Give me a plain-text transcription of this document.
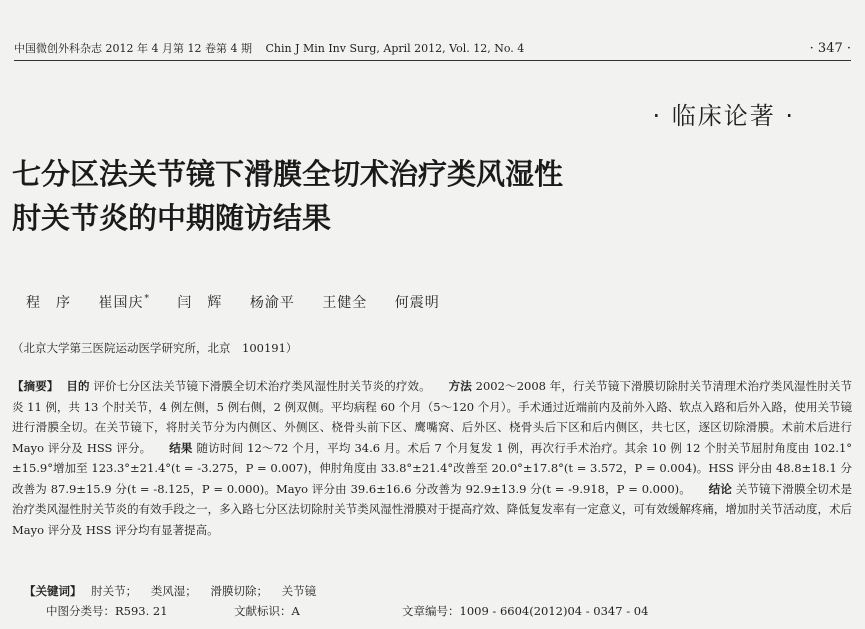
中国微创外科杂志 2012 年 4 月第 12 卷第 4 期 Chin J Min Inv Surg, April 2012, Vol. 12, No. 4	· 347 ·
· 临床论著 ·
七分区法关节镜下滑膜全切术治疗类风湿性
肘关节炎的中期随访结果
程　序 崔国庆* 闫　辉 杨渝平 王健全 何震明
（北京大学第三医院运动医学研究所，北京　100191）
【摘要】 目的 评价七分区法关节镜下滑膜全切术治疗类风湿性肘关节炎的疗效。 方法 2002～2008 年，行关节镜下滑膜切除肘关节清理术治疗类风湿性肘关节炎 11 例，共 13 个肘关节，4 例左侧，5 例右侧，2 例双侧。平均病程 60 个月（5～120 个月）。手术通过近端前内及前外入路、软点入路和后外入路，使用关节镜进行滑膜全切。在关节镜下，将肘关节分为内侧区、外侧区、桡骨头前下区、鹰嘴窝、后外区、桡骨头后下区和后内侧区，共七区，逐区切除滑膜。术前术后进行 Mayo 评分及 HSS 评分。 结果 随访时间 12～72 个月，平均 34.6 月。术后 7 个月复发 1 例，再次行手术治疗。其余 10 例 12 个肘关节屈肘角度由 102.1°±15.9°增加至 123.3°±21.4°(t = -3.275，P = 0.007)，伸肘角度由 33.8°±21.4°改善至 20.0°±17.8°(t = 3.572，P = 0.004)。HSS 评分由 48.8±18.1 分改善为 87.9±15.9 分(t = -8.125，P = 0.000)。Mayo 评分由 39.6±16.6 分改善为 92.9±13.9 分(t = -9.918，P = 0.000)。 结论 关节镜下滑膜全切术是治疗类风湿性肘关节炎的有效手段之一，多入路七分区法切除肘关节类风湿性滑膜对于提高疗效、降低复发率有一定意义，可有效缓解疼痛，增加肘关节活动度，术后 Mayo 评分及 HSS 评分均有显著提高。
【关键词】 肘关节； 类风湿； 滑膜切除； 关节镜
中图分类号：R593. 21	文献标识：A	文章编号：1009 - 6604(2012)04 - 0347 - 04
